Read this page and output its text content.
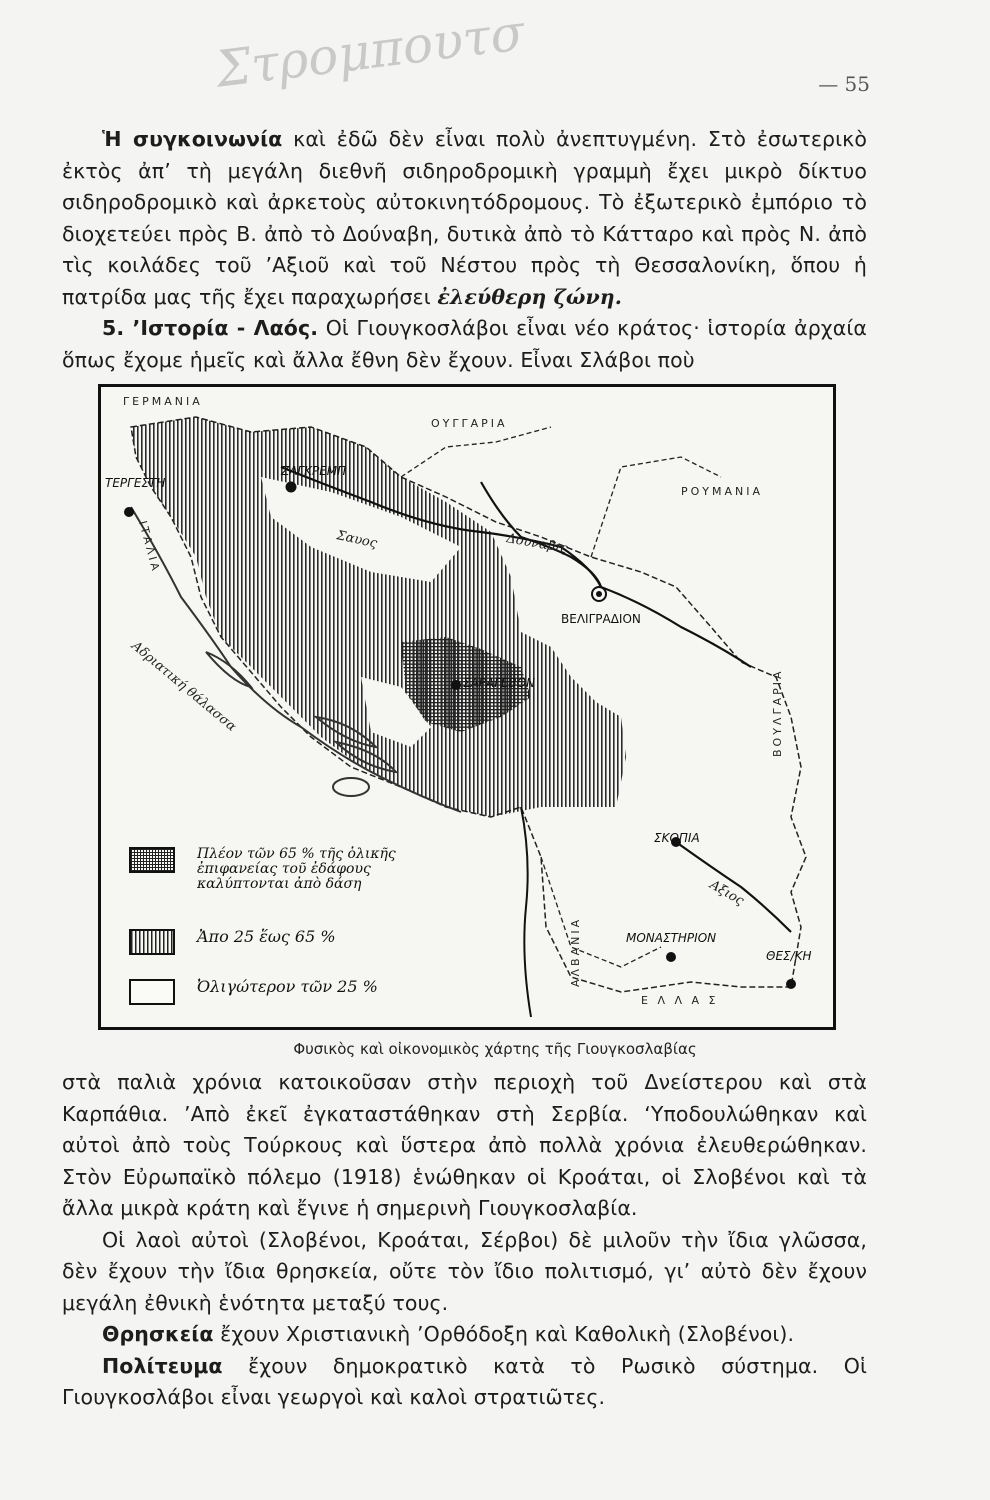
Στρομπουτσ	— 55

Ἡ συγκοινωνία καὶ ἐδῶ δὲν εἶναι πολὺ ἀνεπτυγμένη. Στὸ ἐσωτερικὸ ἐκτὸς ἀπ’ τὴ μεγάλη διεθνῆ σιδηροδρομικὴ γραμμὴ ἔχει μικρὸ δίκτυο σιδηροδρομικὸ καὶ ἀρκετοὺς αὐτοκινητόδρομους. Τὸ ἐξωτερικὸ ἐμπόριο τὸ διοχετεύει πρὸς Β. ἀπὸ τὸ Δούναβη, δυτικὰ ἀπὸ τὸ Κάτταρο καὶ πρὸς Ν. ἀπὸ τὶς κοιλάδες τοῦ ’Αξιοῦ καὶ τοῦ Νέστου πρὸς τὴ Θεσσαλονίκη, ὅπου ἡ πατρίδα μας τῆς ἔχει παραχωρήσει ἐλεύθερη ζώνη.

5. ’Ιστορία - Λαός. Οἱ Γιουγκοσλάβοι εἶναι νέο κράτος· ἱστορία ἀρχαία ὅπως ἔχομε ἡμεῖς καὶ ἄλλα ἔθνη δὲν ἔχουν. Εἶναι Σλάβοι ποὺ

ΓΕΡΜΑΝΙΑ
ΟΥΓΓΑΡΙΑ
ΡΟΥΜΑΝΙΑ
ΒΟΥΛΓΑΡΙΑ
ΑΛΒΑΝΙΑ
Ε Λ Λ Α Σ
ΙΤΑΛΙΑ
Αδριατική θάλασσα
ΖΑΓΚΡΕΜΠ
ΤΕΡΓΕΣΤΗ
ΒΕΛΙΓΡΑΔΙΟΝ
ΣΑΡΑΓΕΒΟΝ
ΣΚΟΠΙΑ
ΜΟΝΑΣΤΗΡΙΟΝ
ΘΕΣ/ΚΗ
Σαυος	Δουναβις
Αξιος
Πλέον τῶν 65 % τῆς ὁλικῆς ἐπιφανείας τοῦ ἐδάφους καλύπτονται ἀπὸ δάση
Ἀπο 25 ἕως 65 %
Ὀλιγώτερον τῶν 25 %
Φυσικὸς καὶ οἰκονομικὸς χάρτης τῆς Γιουγκοσλαβίας

στὰ παλιὰ χρόνια κατοικοῦσαν στὴν περιοχὴ τοῦ Δνείστερου καὶ στὰ Καρπάθια. ’Απὸ ἐκεῖ ἐγκαταστάθηκαν στὴ Σερβία. ‘Υποδουλώθηκαν καὶ αὐτοὶ ἀπὸ τοὺς Τούρκους καὶ ὕστερα ἀπὸ πολλὰ χρόνια ἐλευθερώθηκαν. Στὸν Εὐρωπαϊκὸ πόλεμο (1918) ἑνώθηκαν οἱ Κροάται, οἱ Σλοβένοι καὶ τὰ ἄλλα μικρὰ κράτη καὶ ἔγινε ἡ σημερινὴ Γιουγκοσλαβία.

Οἱ λαοὶ αὐτοὶ (Σλοβένοι, Κροάται, Σέρβοι) δὲ μιλοῦν τὴν ἴδια γλῶσσα, δὲν ἔχουν τὴν ἴδια θρησκεία, οὔτε τὸν ἴδιο πολιτισμό, γι’ αὐτὸ δὲν ἔχουν μεγάλη ἐθνικὴ ἑνότητα μεταξύ τους.

Θρησκεία ἔχουν Χριστιανικὴ ’Ορθόδοξη καὶ Καθολικὴ (Σλοβένοι).

Πολίτευμα ἔχουν δημοκρατικὸ κατὰ τὸ Ρωσικὸ σύστημα. Οἱ Γιουγκοσλάβοι εἶναι γεωργοὶ καὶ καλοὶ στρατιῶτες.
